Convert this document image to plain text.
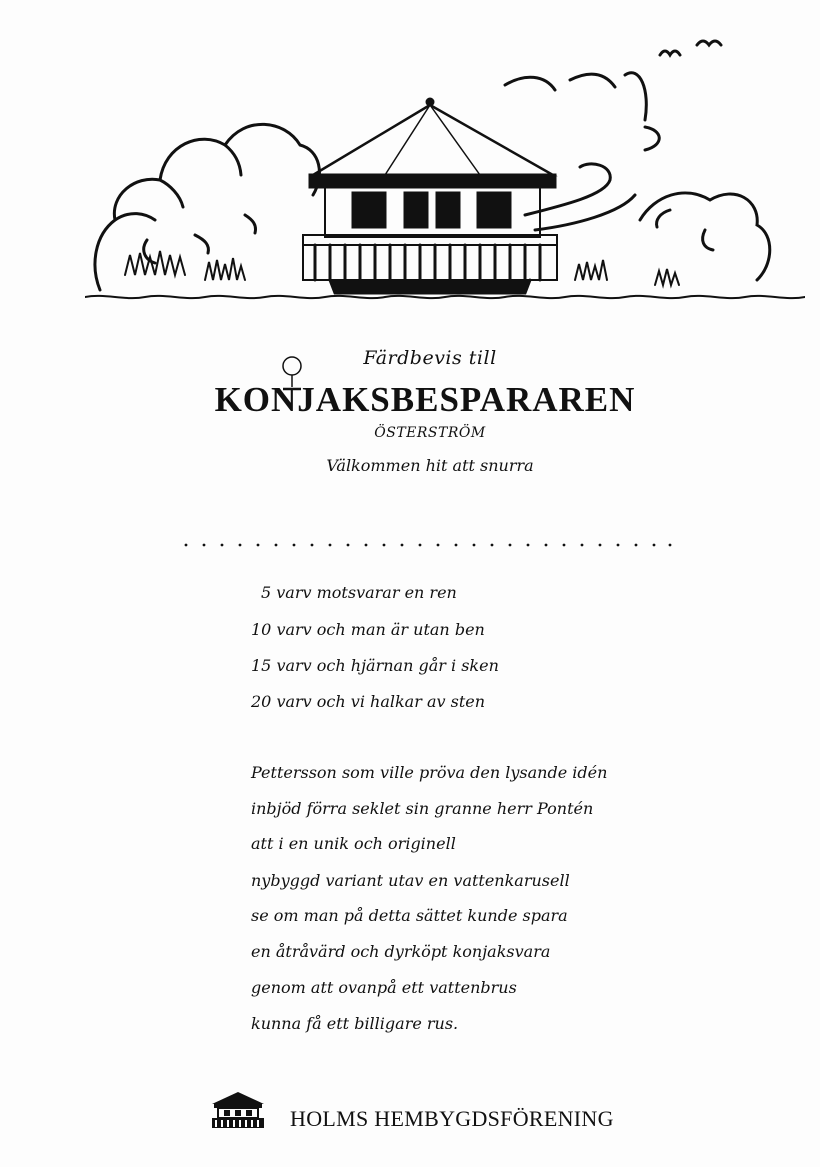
Färdbevis till
KONJAKSBESPARAREN
ÖSTERSTRÖM
Välkommen hit att snurra
5 varv motsvarar en ren
10 varv och man är utan ben
15 varv och hjärnan går i sken
20 varv och vi halkar av sten
Pettersson som ville pröva den lysande idén
inbjöd förra seklet sin granne herr Pontén
att i en unik och originell
nybyggd variant utav en vattenkarusell
se om man på detta sättet kunde spara
en åtråvärd och dyrköpt konjaksvara
genom att ovanpå ett vattenbrus
kunna få ett billigare rus.
HOLMS HEMBYGDSFÖRENING
